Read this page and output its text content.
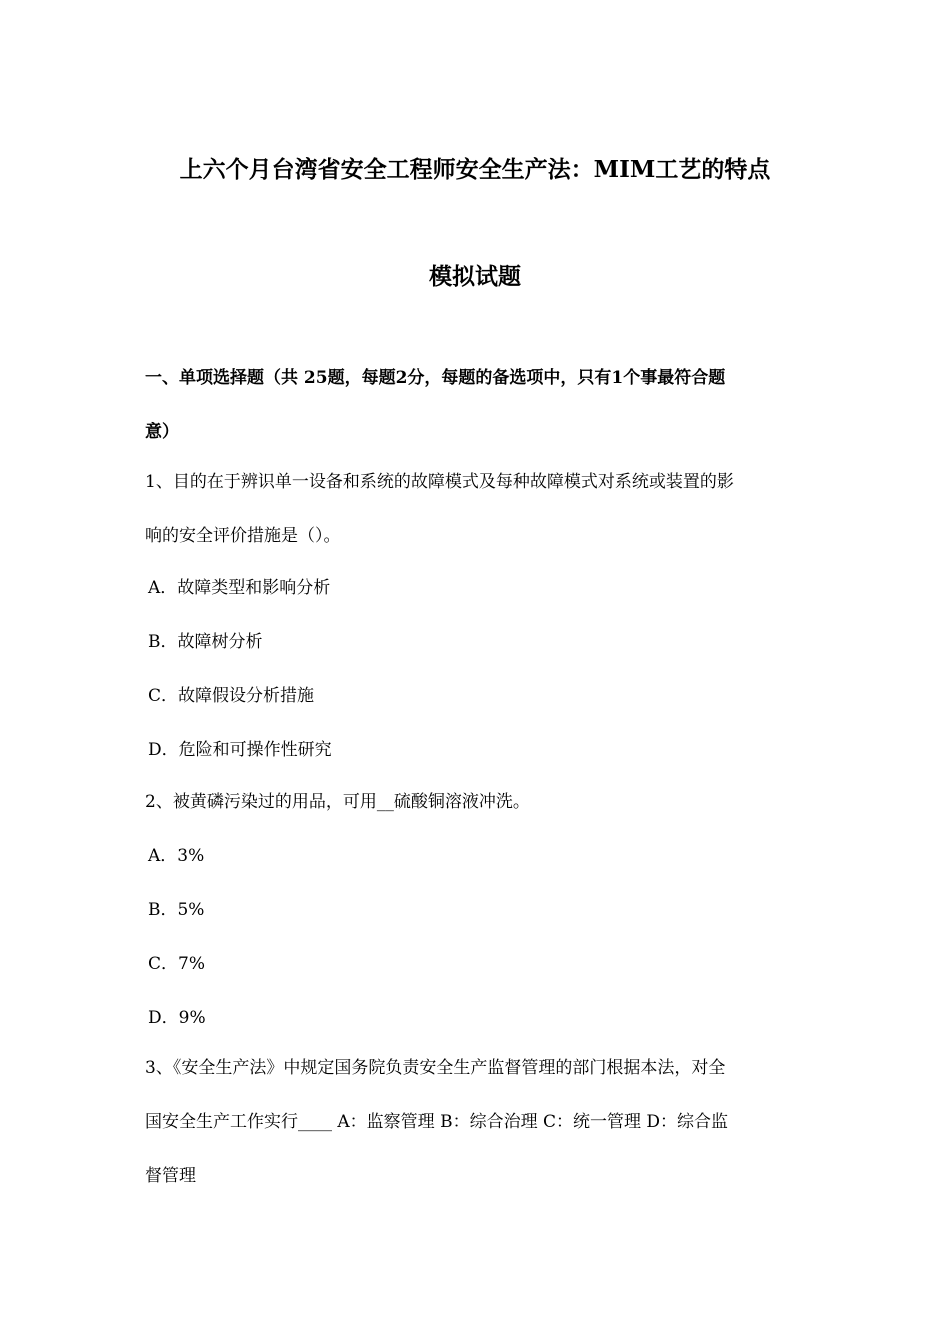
上六个月台湾省安全工程师安全生产法：MIM工艺的特点
模拟试题
一、单项选择题（共 25题，每题2分，每题的备选项中，只有1个事最符合题
意）
1、目的在于辨识单一设备和系统的故障模式及每种故障模式对系统或装置的影
响的安全评价措施是（）。
A．故障类型和影响分析
B．故障树分析
C．故障假设分析措施
D．危险和可操作性研究
2、被黄磷污染过的用品，可用__硫酸铜溶液冲洗。
A．3%
B．5%
C．7%
D．9%
3、《安全生产法》中规定国务院负责安全生产监督管理的部门根据本法，对全
国安全生产工作实行____ A：监察管理 B：综合治理 C：统一管理 D：综合监
督管理
